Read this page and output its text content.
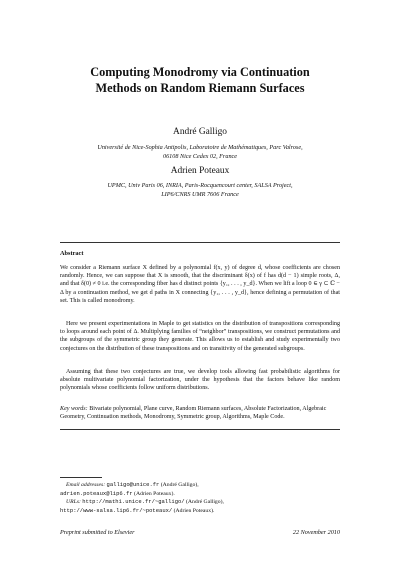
Computing Monodromy via Continuation
Methods on Random Riemann Surfaces
André Galligo
Université de Nice-Sophia Antipolis, Laboratoire de Mathématiques, Parc Valrose,
06108 Nice Cedex 02, France
Adrien Poteaux
UPMC, Univ Paris 06, INRIA, Paris-Rocquencourt center, SALSA Project,
LIP6/CNRS UMR 7606 France
Abstract
We consider a Riemann surface X defined by a polynomial f(x, y) of degree d, whose coefficients are chosen randomly. Hence, we can suppose that X is smooth, that the discriminant δ(x) of f has d(d − 1) simple roots, Δ, and that δ(0) ≠ 0 i.e. the corresponding fiber has d distinct points {y₁, . . . , y_d}. When we lift a loop 0 ∈ γ ⊂ ℂ − Δ by a continuation method, we get d paths in X connecting {y₁, . . . , y_d}, hence defining a permutation of that set. This is called monodromy.
Here we present experimentations in Maple to get statistics on the distribution of transpositions corresponding to loops around each point of Δ. Multiplying families of “neighbor” transpositions, we construct permutations and the subgroups of the symmetric group they generate. This allows us to establish and study experimentally two conjectures on the distribution of these transpositions and on transitivity of the generated subgroups.
Assuming that these two conjectures are true, we develop tools allowing fast probabilistic algorithms for absolute multivariate polynomial factorization, under the hypothesis that the factors behave like random polynomials whose coefficients follow uniform distributions.
Key words: Bivariate polynomial, Plane curve, Random Riemann surfaces, Absolute Factorization, Algebraic Geometry, Continuation methods, Monodromy, Symmetric group, Algorithms, Maple Code.
Email addresses: galligo@unice.fr (André Galligo),
adrien.poteaux@lip6.fr (Adrien Poteaux).
URLs: http://math1.unice.fr/~galligo/ (André Galligo),
http://www-salsa.lip6.fr/~poteaux/ (Adrien Poteaux).
Preprint submitted to Elsevier	22 November 2010
